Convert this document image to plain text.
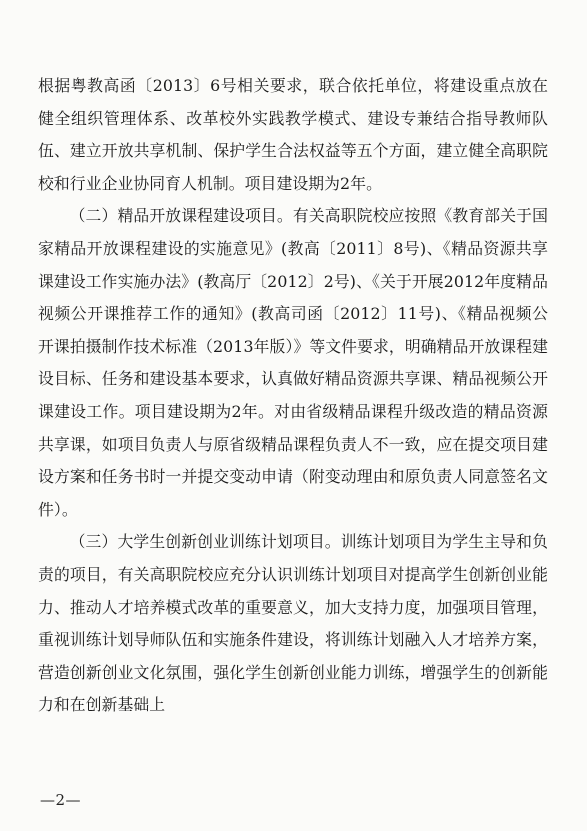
根据粤教高函〔2013〕6号相关要求，联合依托单位，将建设重点放在健全组织管理体系、改革校外实践教学模式、建设专兼结合指导教师队伍、建立开放共享机制、保护学生合法权益等五个方面，建立健全高职院校和行业企业协同育人机制。项目建设期为2年。

（二）精品开放课程建设项目。有关高职院校应按照《教育部关于国家精品开放课程建设的实施意见》(教高〔2011〕8号)、《精品资源共享课建设工作实施办法》(教高厅〔2012〕2号)、《关于开展2012年度精品视频公开课推荐工作的通知》(教高司函〔2012〕11号)、《精品视频公开课拍摄制作技术标准（2013年版）》等文件要求，明确精品开放课程建设目标、任务和建设基本要求，认真做好精品资源共享课、精品视频公开课建设工作。项目建设期为2年。对由省级精品课程升级改造的精品资源共享课，如项目负责人与原省级精品课程负责人不一致，应在提交项目建设方案和任务书时一并提交变动申请（附变动理由和原负责人同意签名文件）。

（三）大学生创新创业训练计划项目。训练计划项目为学生主导和负责的项目，有关高职院校应充分认识训练计划项目对提高学生创新创业能力、推动人才培养模式改革的重要意义，加大支持力度，加强项目管理，重视训练计划导师队伍和实施条件建设，将训练计划融入人才培养方案，营造创新创业文化氛围，强化学生创新创业能力训练，增强学生的创新能力和在创新基础上

—2—
